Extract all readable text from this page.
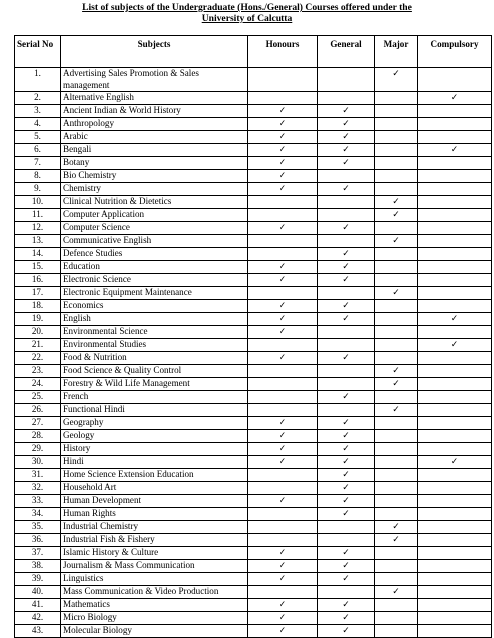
List of subjects of the Undergraduate (Hons./General) Courses offered under the
University of Calcutta
Serial No	Subjects	Honours	General	Major	Compulsory
1.	Advertising Sales Promotion & Sales management			✓	
2.	Alternative English				✓
3.	Ancient Indian & World History	✓	✓		
4.	Anthropology	✓	✓		
5.	Arabic	✓	✓		
6.	Bengali	✓	✓		✓
7.	Botany	✓	✓		
8.	Bio Chemistry	✓			
9.	Chemistry	✓	✓		
10.	Clinical Nutrition & Dietetics			✓	
11.	Computer Application			✓	
12.	Computer Science	✓	✓		
13.	Communicative English			✓	
14.	Defence Studies		✓		
15.	Education	✓	✓		
16.	Electronic Science	✓	✓		
17.	Electronic Equipment Maintenance			✓	
18.	Economics	✓	✓		
19.	English	✓	✓		✓
20.	Environmental Science	✓			
21.	Environmental Studies				✓
22.	Food & Nutrition	✓	✓		
23.	Food Science & Quality Control			✓	
24.	Forestry & Wild Life Management			✓	
25.	French		✓		
26.	Functional Hindi			✓	
27.	Geography	✓	✓		
28.	Geology	✓	✓		
29.	History	✓	✓		
30.	Hindi	✓	✓		✓
31.	Home Science Extension Education		✓		
32.	Household Art		✓		
33.	Human Development	✓	✓		
34.	Human Rights		✓		
35.	Industrial Chemistry			✓	
36.	Industrial Fish & Fishery			✓	
37.	Islamic History & Culture	✓	✓		
38.	Journalism & Mass Communication	✓	✓		
39.	Linguistics	✓	✓		
40.	Mass Communication & Video Production			✓	
41.	Mathematics	✓	✓		
42.	Micro Biology	✓	✓		
43.	Molecular Biology	✓	✓		
